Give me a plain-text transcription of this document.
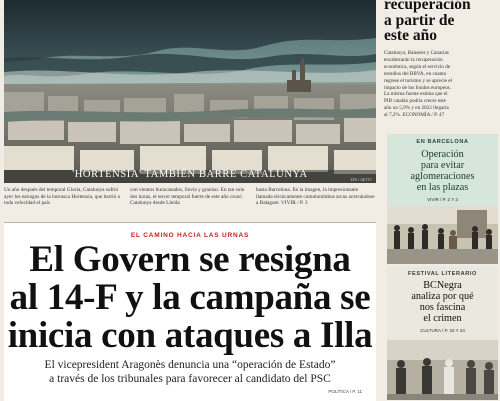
'HORTENSIA' TAMBIÉN BARRE CATALUNYA	EFE / GETTY
Un año después del temporal Gloria, Catalunya sufrió ayer los estragos de la borrasca Hortensia, que barrió a toda velocidad el país
con vientos huracanados, lluvia y granizo. En tan solo dos horas, el tercer temporal fuerte de este año cruzó Catalunya desde Lleida
hasta Barcelona. En la imagen, la impresionante llamada técnicamente cumulonimbus arcus acercándose a Balaguer. VIVIR / P. 3
EL CAMINO HACIA LAS URNAS
El Govern se resigna
al 14-F y la campaña se
inicia con ataques a Illa
El vicepresident Aragonès denuncia una “operación de Estado”
a través de los tribunales para favorecer al candidato del PSC
POLÍTICA / P. 11
recuperación
a partir de
este año
Catalunya, Baleares y Canarias
encabezarán la recuperación
económica, según el servicio de
estudios del BBVA, en cuanto
regrese el turismo y se aprecie el
impacto de los fondos europeos.
La misma fuente estima que el
PIB catalán podría crecer este
año un 5,9% y en 2022 llegaría
al 7,2%. ECONOMÍA / P. 47
EN BARCELONA
Operación
para evitar
aglomeraciones
en las plazas
VIVIR / P. 2 Y 3
FESTIVAL LITERARIO
BCNegra
analiza por qué
nos fascina
el crimen
CULTURA / P. 33 Y 34
